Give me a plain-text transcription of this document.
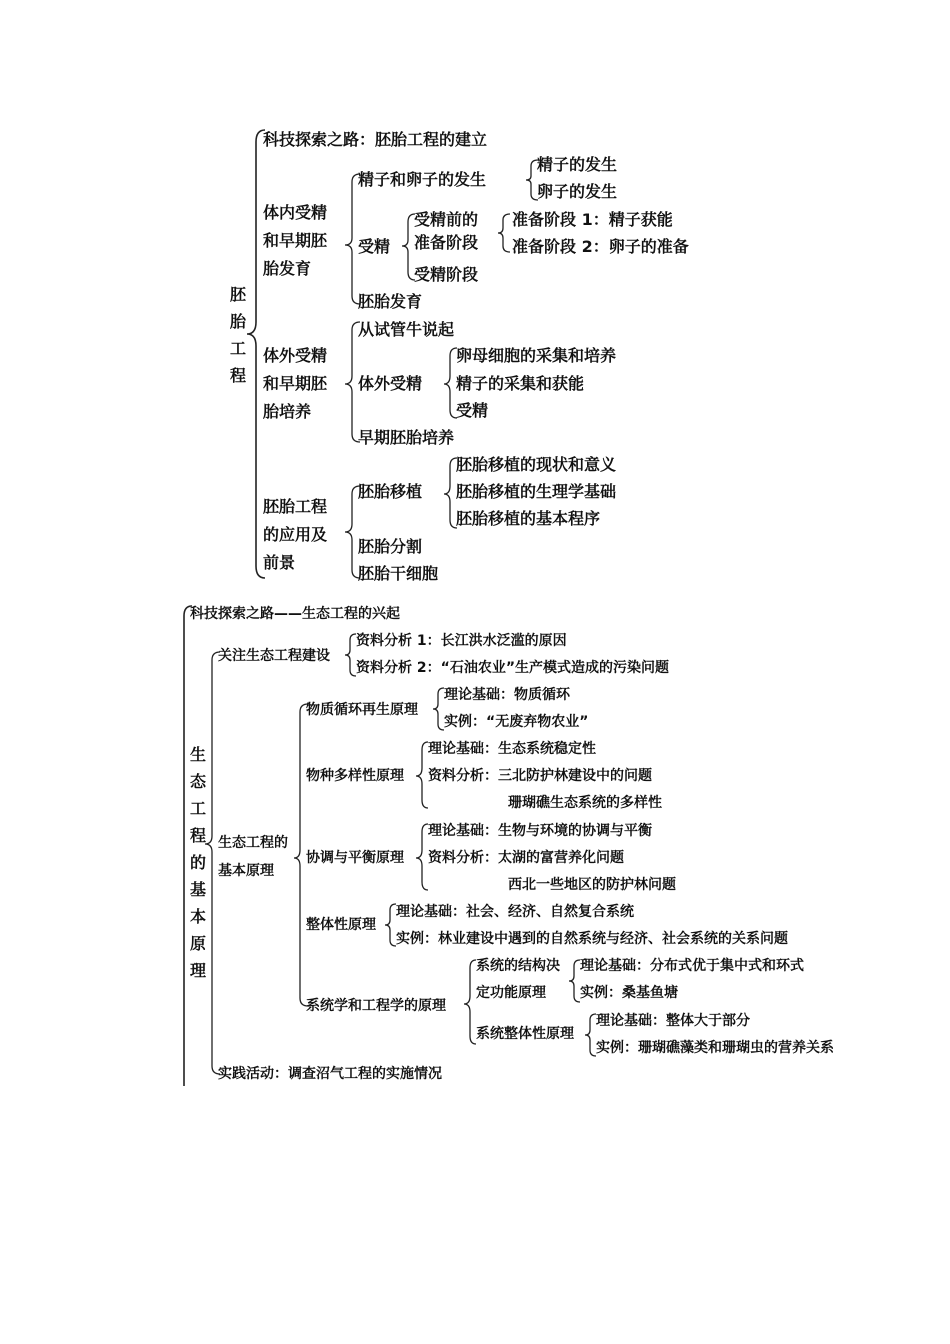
胚胎工程
科技探索之路：胚胎工程的建立
体内受精
和早期胚
胎发育
体外受精
和早期胚
胎培养
胚胎工程
的应用及
前景
精子和卵子的发生
精子的发生
卵子的发生
受精
受精前的
准备阶段
准备阶段 1：精子获能
准备阶段 2：卵子的准备
受精阶段
胚胎发育
从试管牛说起
体外受精
卵母细胞的采集和培养
精子的采集和获能
受精
早期胚胎培养
胚胎移植
胚胎移植的现状和意义
胚胎移植的生理学基础
胚胎移植的基本程序
胚胎分割
胚胎干细胞
科技探索之路——生态工程的兴起
生态工程的基本原理
关注生态工程建设
资料分析 1：长江洪水泛滥的原因
资料分析 2：“石油农业”生产模式造成的污染问题
生态工程的
基本原理
物质循环再生原理
理论基础：物质循环
实例：“无废弃物农业”
物种多样性原理
理论基础：生态系统稳定性
资料分析：三北防护林建设中的问题
珊瑚礁生态系统的多样性
协调与平衡原理
理论基础：生物与环境的协调与平衡
资料分析：太湖的富营养化问题
西北一些地区的防护林问题
整体性原理
理论基础：社会、经济、自然复合系统
实例：林业建设中遇到的自然系统与经济、社会系统的关系问题
系统学和工程学的原理
系统的结构决
定功能原理
理论基础：分布式优于集中式和环式
实例：桑基鱼塘
系统整体性原理
理论基础：整体大于部分
实例：珊瑚礁藻类和珊瑚虫的营养关系
实践活动：调查沼气工程的实施情况
